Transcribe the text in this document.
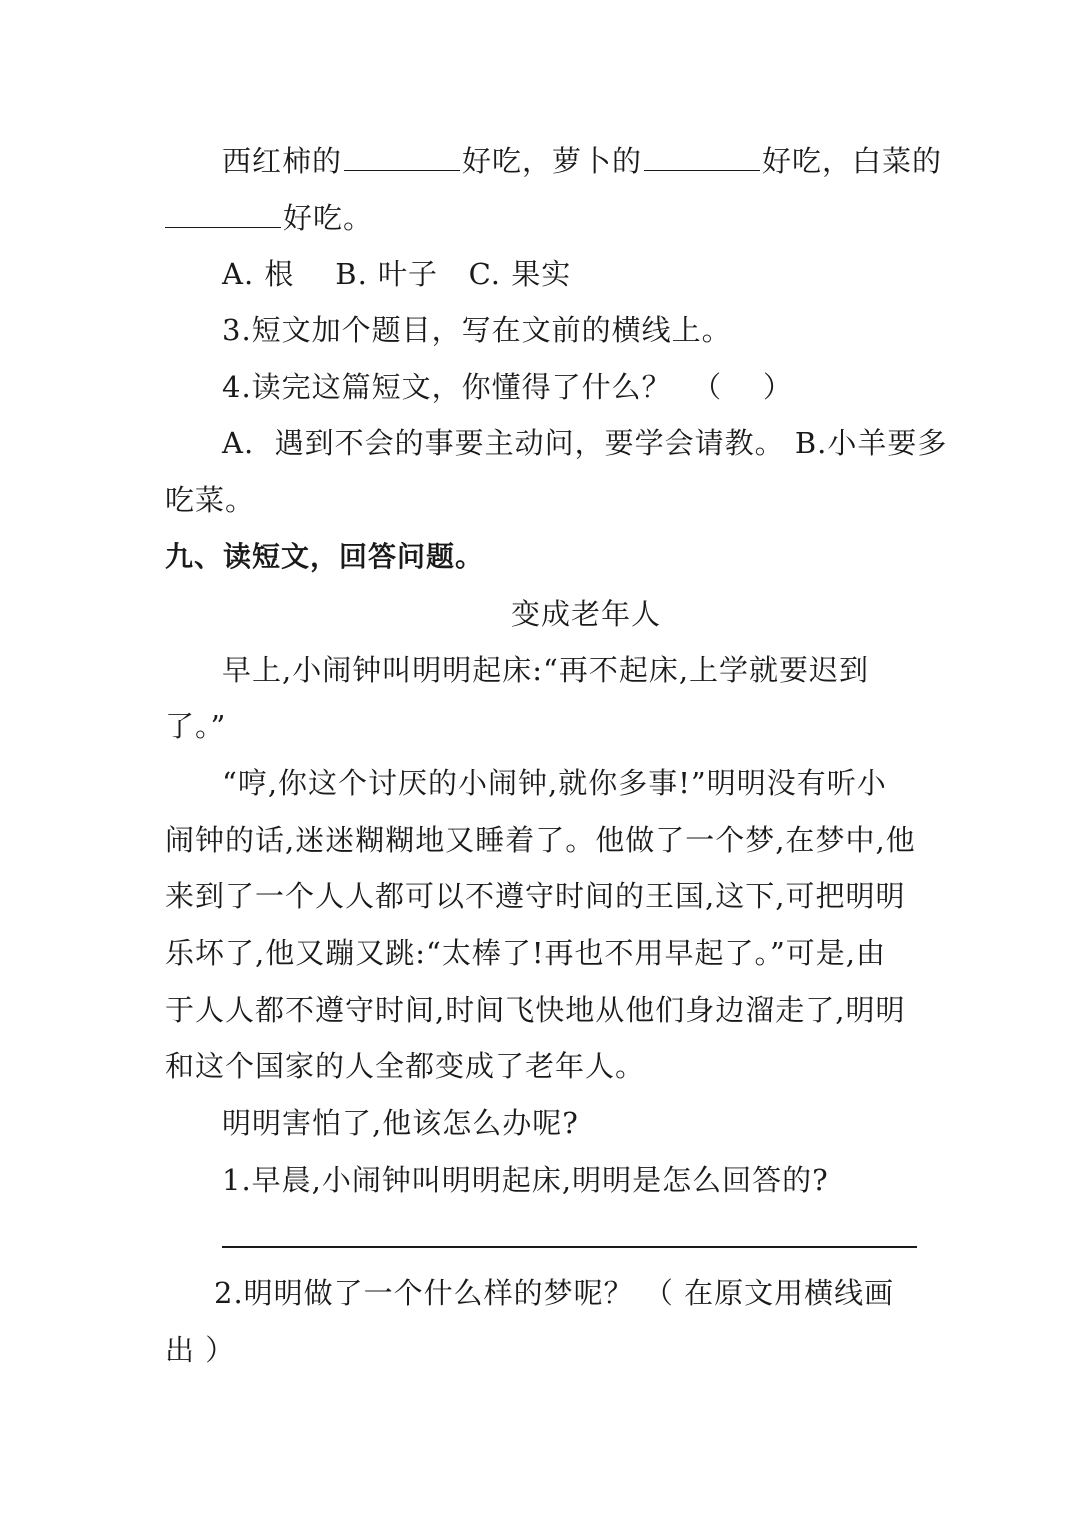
西红柿的	好吃，萝卜的	好吃，白菜的
好吃。
A. 根    B. 叶子   C. 果实
3.短文加个题目，写在文前的横线上。
4.读完这篇短文，你懂得了什么？  （    ）
A.  遇到不会的事要主动问，要学会请教。 B.小羊要多
吃菜。
九、读短文，回答问题。
变成老年人
早上,小闹钟叫明明起床:“再不起床,上学就要迟到
了。”
“哼,你这个讨厌的小闹钟,就你多事!”明明没有听小
闹钟的话,迷迷糊糊地又睡着了。他做了一个梦,在梦中,他
来到了一个人人都可以不遵守时间的王国,这下,可把明明
乐坏了,他又蹦又跳:“太棒了!再也不用早起了。”可是,由
于人人都不遵守时间,时间飞快地从他们身边溜走了,明明
和这个国家的人全都变成了老年人。
明明害怕了,他该怎么办呢?
1.早晨,小闹钟叫明明起床,明明是怎么回答的?
2.明明做了一个什么样的梦呢？ （ 在原文用横线画
出 ）
